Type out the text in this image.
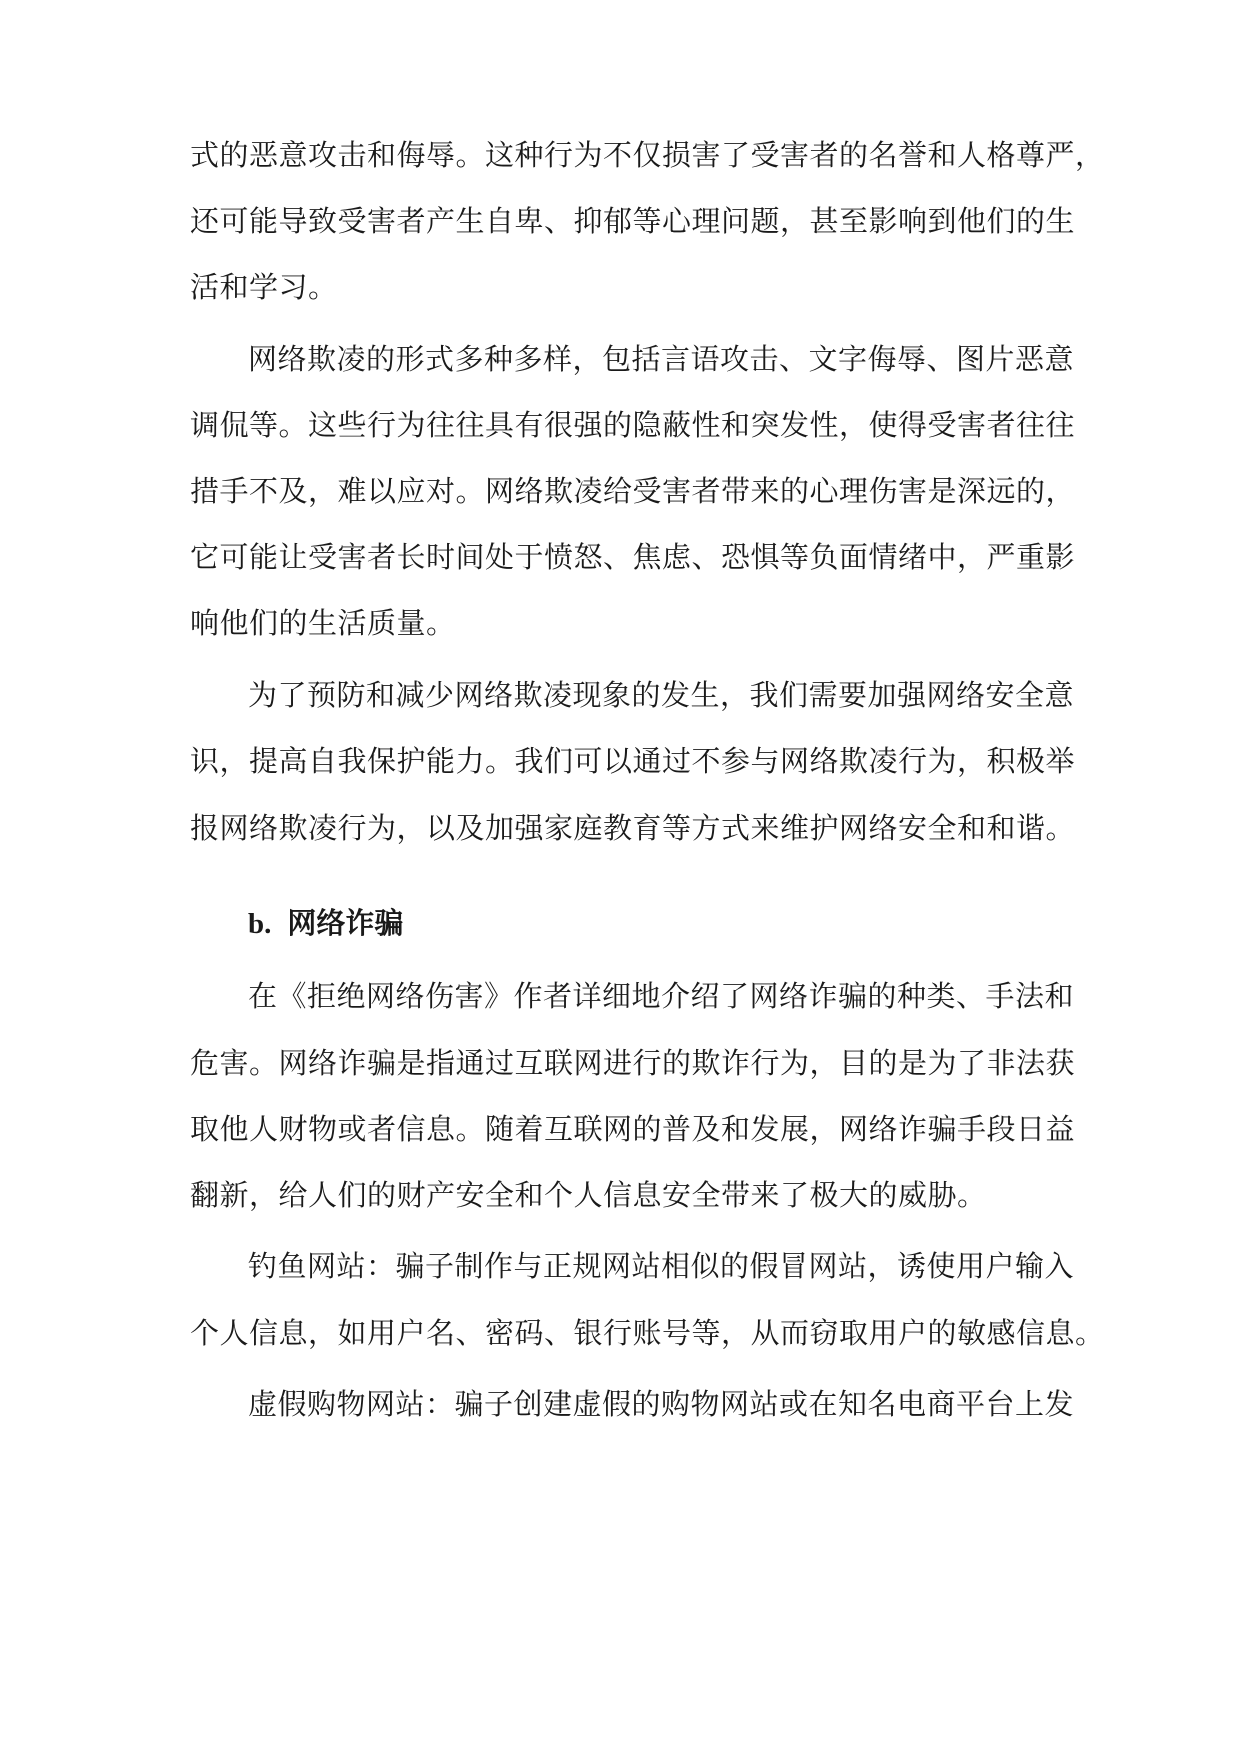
式的恶意攻击和侮辱。这种行为不仅损害了受害者的名誉和人格尊严，
还可能导致受害者产生自卑、抑郁等心理问题，甚至影响到他们的生
活和学习。
网络欺凌的形式多种多样，包括言语攻击、文字侮辱、图片恶意
调侃等。这些行为往往具有很强的隐蔽性和突发性，使得受害者往往
措手不及，难以应对。网络欺凌给受害者带来的心理伤害是深远的，
它可能让受害者长时间处于愤怒、焦虑、恐惧等负面情绪中，严重影
响他们的生活质量。
为了预防和减少网络欺凌现象的发生，我们需要加强网络安全意
识，提高自我保护能力。我们可以通过不参与网络欺凌行为，积极举
报网络欺凌行为，以及加强家庭教育等方式来维护网络安全和和谐。
b. 网络诈骗
在《拒绝网络伤害》作者详细地介绍了网络诈骗的种类、手法和
危害。网络诈骗是指通过互联网进行的欺诈行为，目的是为了非法获
取他人财物或者信息。随着互联网的普及和发展，网络诈骗手段日益
翻新，给人们的财产安全和个人信息安全带来了极大的威胁。
钓鱼网站：骗子制作与正规网站相似的假冒网站，诱使用户输入
个人信息，如用户名、密码、银行账号等，从而窃取用户的敏感信息。
虚假购物网站：骗子创建虚假的购物网站或在知名电商平台上发
